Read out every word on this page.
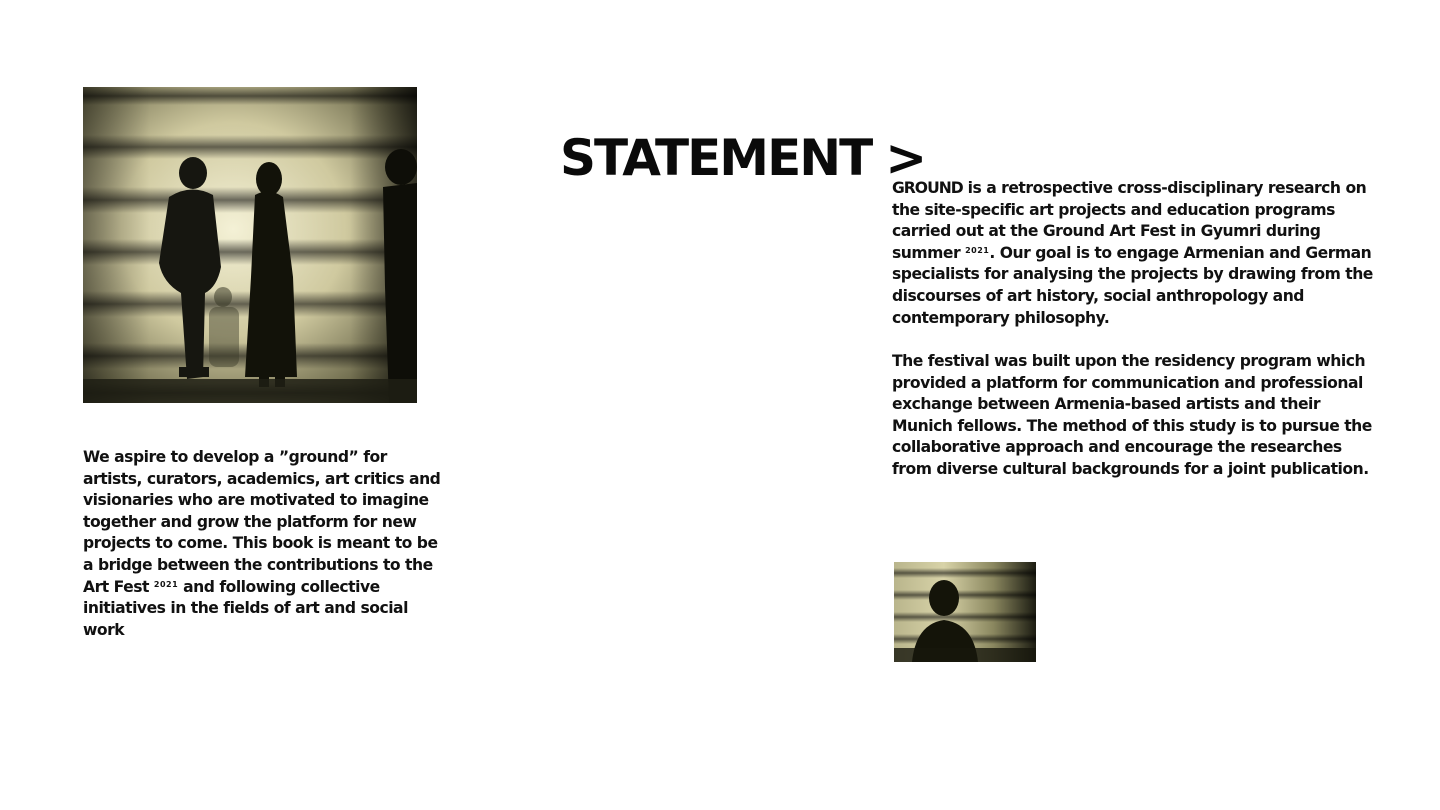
STATEMENT >

We aspire to develop a ”ground” for artists, curators, academics, art critics and visionaries who are motivated to imagine together and grow the platform for new projects to come. This book is meant to be a bridge between the contributions to the Art Fest $^{2021}$ and following collective initiatives in the fields of art and social work

GROUND is a retrospective cross-disciplinary research on the site-specific art projects and education programs carried out at the Ground Art Fest in Gyumri during summer $^{2021}$. Our goal is to engage Armenian and German specialists for analysing the projects by drawing from the discourses of art history, social anthropology and contemporary philosophy.

The festival was built upon the residency program which provided a platform for communication and professional exchange between Armenia-based artists and their Munich fellows. The method of this study is to pursue the collaborative approach and encourage the researches from diverse cultural backgrounds for a joint publication.
